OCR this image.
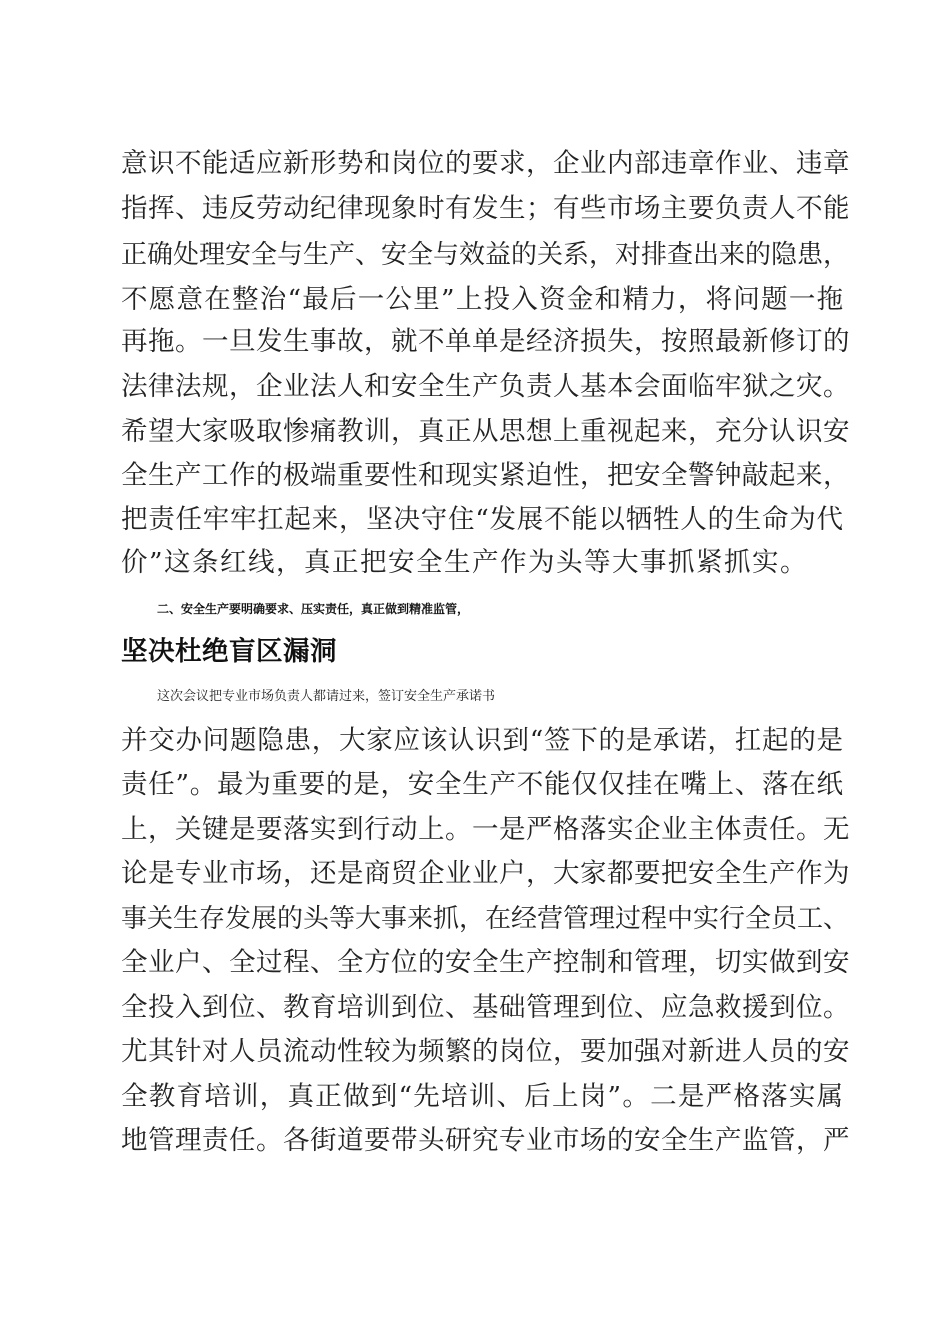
意识不能适应新形势和岗位的要求，企业内部违章作业、违章
指挥、违反劳动纪律现象时有发生；有些市场主要负责人不能
正确处理安全与生产、安全与效益的关系，对排查出来的隐患，
不愿意在整治“最后一公里”上投入资金和精力，将问题一拖
再拖。一旦发生事故，就不单单是经济损失，按照最新修订的
法律法规，企业法人和安全生产负责人基本会面临牢狱之灾。
希望大家吸取惨痛教训，真正从思想上重视起来，充分认识安
全生产工作的极端重要性和现实紧迫性，把安全警钟敲起来，
把责任牢牢扛起来，坚决守住“发展不能以牺牲人的生命为代
价”这条红线，真正把安全生产作为头等大事抓紧抓实。
二、安全生产要明确要求、压实责任，真正做到精准监管，
坚决杜绝盲区漏洞
这次会议把专业市场负责人都请过来，签订安全生产承诺书
并交办问题隐患，大家应该认识到“签下的是承诺，扛起的是
责任”。最为重要的是，安全生产不能仅仅挂在嘴上、落在纸
上，关键是要落实到行动上。一是严格落实企业主体责任。无
论是专业市场，还是商贸企业业户，大家都要把安全生产作为
事关生存发展的头等大事来抓，在经营管理过程中实行全员工、
全业户、全过程、全方位的安全生产控制和管理，切实做到安
全投入到位、教育培训到位、基础管理到位、应急救援到位。
尤其针对人员流动性较为频繁的岗位，要加强对新进人员的安
全教育培训，真正做到“先培训、后上岗”。二是严格落实属
地管理责任。各街道要带头研究专业市场的安全生产监管，严
